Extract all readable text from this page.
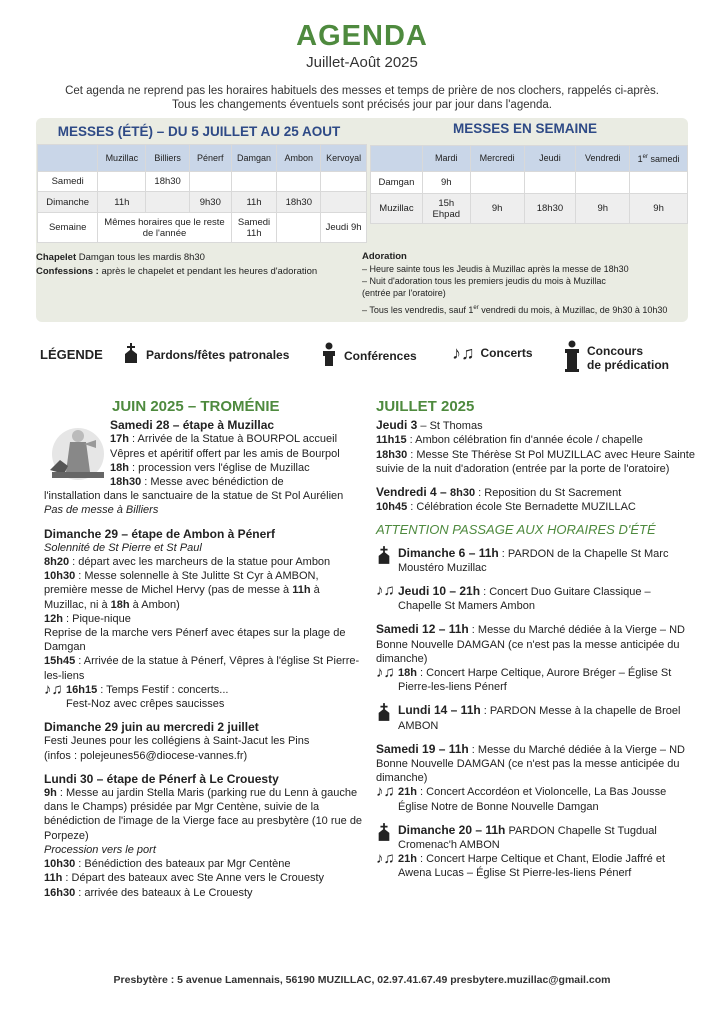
AGENDA
Juillet-Août 2025
Cet agenda ne reprend pas les horaires habituels des messes et temps de prière de nos clochers, rappelés ci-après.
Tous les changements éventuels sont précisés jour par jour dans l'agenda.
MESSES (ÉTÉ) – DU 5 JUILLET AU 25 AOUT	MESSES EN SEMAINE
	Muzillac	Billiers	Pénerf	Damgan	Ambon	Kervoyal
Samedi		18h30				
Dimanche	11h		9h30	11h	18h30	
Semaine	Mêmes horaires que le reste de l'année			Samedi 11h		Jeudi 9h
	Mardi	Mercredi	Jeudi	Vendredi	1er samedi
Damgan	9h				
Muzillac	15h Ehpad	9h	18h30	9h	9h
Chapelet Damgan tous les mardis 8h30
Confessions : après le chapelet et pendant les heures d'adoration
Adoration
– Heure sainte tous les Jeudis à Muzillac après la messe de 18h30
– Nuit d'adoration tous les premiers jeudis du mois à Muzillac
(entrée par l'oratoire)
– Tous les vendredis, sauf 1er vendredi du mois, à Muzillac, de 9h30 à 10h30
LÉGENDE	Pardons/fêtes patronales	Conférences ♪♫ Concerts	Concours
de prédication
JUIN 2025 – TROMÉNIE
Samedi 28 – étape à Muzillac
17h : Arrivée de la Statue à BOURPOL accueil
Vêpres et apéritif offert par les amis de Bourpol
18h : procession vers l'église de Muzillac
18h30 : Messe avec bénédiction de
l'installation dans le sanctuaire de la statue de St Pol Aurélien
Pas de messe à Billiers
Dimanche 29 – étape de Ambon à Pénerf
Solennité de St Pierre et St Paul
8h20 : départ avec les marcheurs de la statue pour Ambon
10h30 : Messe solennelle à Ste Julitte St Cyr à AMBON, première messe de Michel Hervy (pas de messe à 11h à Muzillac, ni à 18h à Ambon)
12h : Pique-nique
Reprise de la marche vers Pénerf avec étapes sur la plage de Damgan
15h45 : Arrivée de la statue à Pénerf, Vêpres à l'église St Pierre-les-liens
♪♫ 16h15 : Temps Festif : concerts...
Fest-Noz avec crêpes saucisses
Dimanche 29 juin au mercredi 2 juillet
Festi Jeunes pour les collégiens à Saint-Jacut les Pins
(infos : polejeunes56@diocese-vannes.fr)
Lundi 30 – étape de Pénerf à Le Crouesty
9h : Messe au jardin Stella Maris (parking rue du Lenn à gauche dans le Champs) présidée par Mgr Centène, suivie de la bénédiction de l'image de la Vierge face au presbytère (10 rue de Porpeze)
Procession vers le port
10h30 : Bénédiction des bateaux par Mgr Centène
11h : Départ des bateaux avec Ste Anne vers le Crouesty
16h30 : arrivée des bateaux à Le Crouesty
JUILLET 2025
Jeudi 3 – St Thomas
11h15 : Ambon célébration fin d'année école / chapelle
18h30 : Messe Ste Thérèse St Pol MUZILLAC avec Heure Sainte suivie de la nuit d'adoration (entrée par la porte de l'oratoire)
Vendredi 4 – 8h30 : Reposition du St Sacrement
10h45 : Célébration école Ste Bernadette MUZILLAC
ATTENTION PASSAGE AUX HORAIRES D'ÉTÉ
Dimanche 6 – 11h : PARDON de la Chapelle St Marc Moustéro Muzillac
♪♫ Jeudi 10 – 21h : Concert Duo Guitare Classique – Chapelle St Mamers Ambon
Samedi 12 – 11h : Messe du Marché dédiée à la Vierge – ND Bonne Nouvelle DAMGAN (ce n'est pas la messe anticipée du dimanche)
♪♫ 18h : Concert Harpe Celtique, Aurore Bréger – Église St Pierre-les-liens Pénerf
Lundi 14 – 11h : PARDON Messe à la chapelle de Broel AMBON
Samedi 19 – 11h : Messe du Marché dédiée à la Vierge – ND Bonne Nouvelle DAMGAN (ce n'est pas la messe anticipée du dimanche)
♪♫ 21h : Concert Accordéon et Violoncelle, La Bas Jousse Église Notre de Bonne Nouvelle Damgan
Dimanche 20 – 11h PARDON Chapelle St Tugdual Cromenac'h AMBON
♪♫ 21h : Concert Harpe Celtique et Chant, Elodie Jaffré et Awena Lucas – Église St Pierre-les-liens Pénerf
Presbytère : 5 avenue Lamennais, 56190 MUZILLAC, 02.97.41.67.49 presbytere.muzillac@gmail.com
